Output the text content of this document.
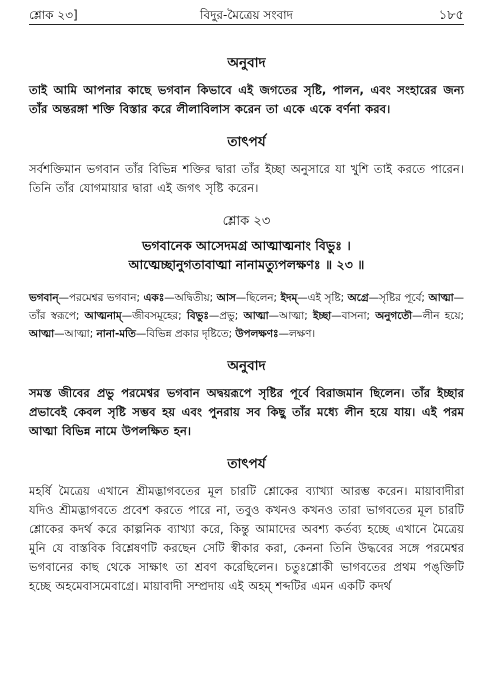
শ্লোক ২৩]	বিদুর-মৈত্রেয় সংবাদ	১৮৫
অনুবাদ

তাই আমি আপনার কাছে ভগবান কিভাবে এই জগতের সৃষ্টি, পালন, এবং সংহারের জন্য তাঁর অন্তরঙ্গা শক্তি বিস্তার করে লীলাবিলাস করেন তা একে একে বর্ণনা করব।

তাৎপর্য

সর্বশক্তিমান ভগবান তাঁর বিভিন্ন শক্তির দ্বারা তাঁর ইচ্ছা অনুসারে যা খুশি তাই করতে পারেন। তিনি তাঁর যোগমায়ার দ্বারা এই জগৎ সৃষ্টি করেন।

শ্লোক ২৩

ভগবানেক আসেদমগ্র আত্মাত্মনাং বিভুঃ ।

আত্মেচ্ছানুগতাবাত্মা নানামত্যুপলক্ষণঃ ॥ ২৩ ॥

ভগবান্—পরমেশ্বর ভগবান; একঃ—অদ্বিতীয়; আস—ছিলেন; ইদম্—এই সৃষ্টি; অগ্রে—সৃষ্টির পূর্বে; আত্মা—তাঁর স্বরূপে; আত্মনাম্—জীবসমূহের; বিভুঃ—প্রভু; আত্মা—আত্মা; ইচ্ছা—বাসনা; অনুগতৌ—লীন হয়ে; আত্মা—আত্মা; নানা-মতি—বিভিন্ন প্রকার দৃষ্টিতে; উপলক্ষণঃ—লক্ষণ।

অনুবাদ

সমস্ত জীবের প্রভু পরমেশ্বর ভগবান অদ্বয়রূপে সৃষ্টির পূর্বে বিরাজমান ছিলেন। তাঁর ইচ্ছার প্রভাবেই কেবল সৃষ্টি সম্ভব হয় এবং পুনরায় সব কিছু তাঁর মধ্যে লীন হয়ে যায়। এই পরম আত্মা বিভিন্ন নামে উপলক্ষিত হন।

তাৎপর্য

মহর্ষি মৈত্রেয় এখানে শ্রীমদ্ভাগবতের মূল চারটি শ্লোকের ব্যাখ্যা আরম্ভ করেন। মায়াবাদীরা যদিও শ্রীমদ্ভাগবতে প্রবেশ করতে পারে না, তবুও কখনও কখনও তারা ভাগবতের মূল চারটি শ্লোকের কদর্থ করে কাল্পনিক ব্যাখ্যা করে, কিন্তু আমাদের অবশ্য কর্তব্য হচ্ছে এখানে মৈত্রেয় মুনি যে বাস্তবিক বিশ্লেষণটি করছেন সেটি স্বীকার করা, কেননা তিনি উদ্ধবের সঙ্গে পরমেশ্বর ভগবানের কাছ থেকে সাক্ষাৎ তা শ্রবণ করেছিলেন। চতুঃশ্লোকী ভাগবতের প্রথম পঙ্‌ক্তিটি হচ্ছে অহমেবাসমেবাগ্রে। মায়াবাদী সম্প্রদায় এই অহম্ শব্দটির এমন একটি কদর্থ
